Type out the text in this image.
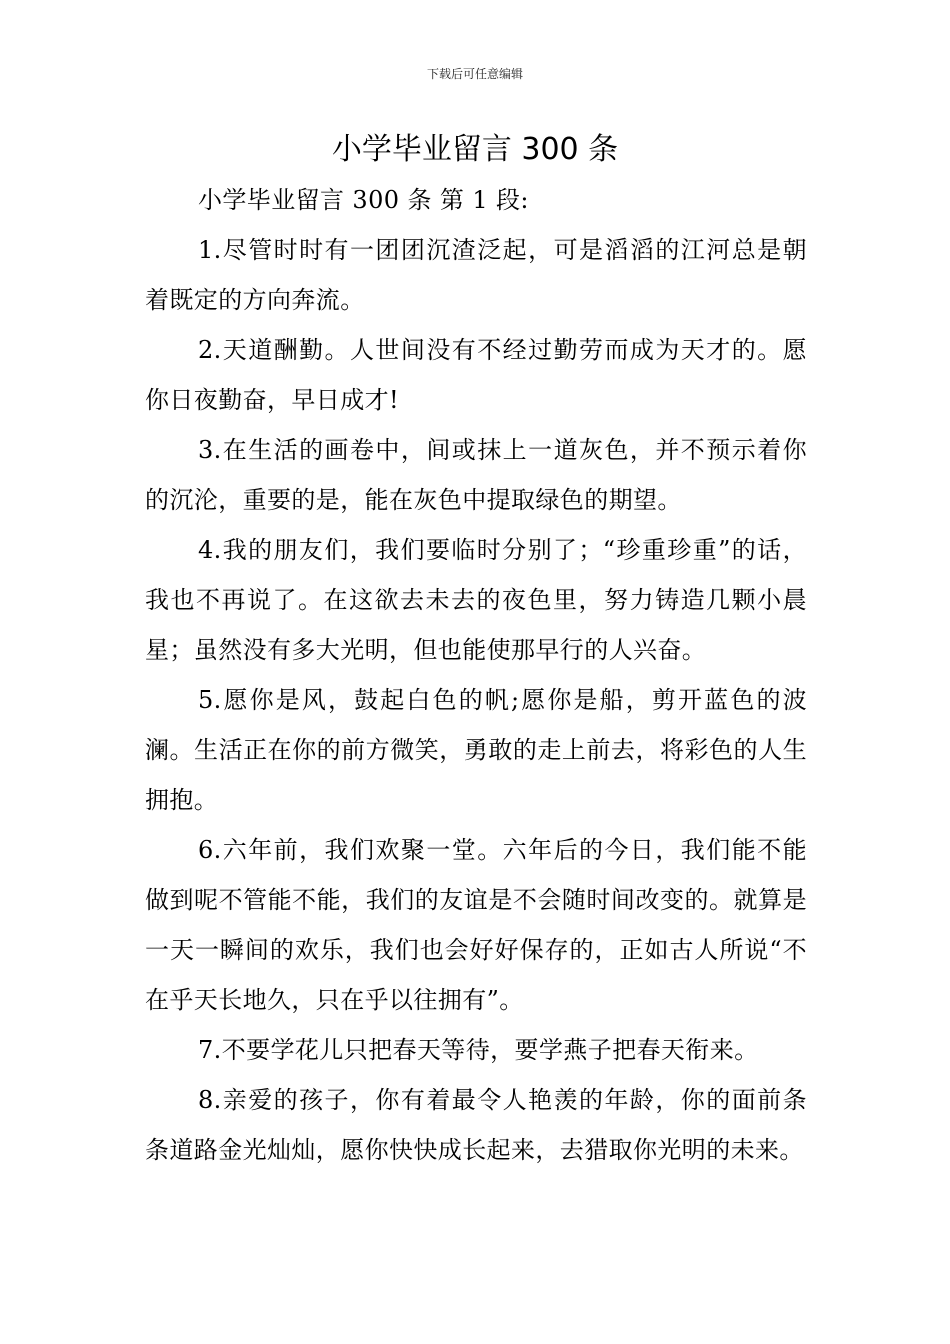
下载后可任意编辑
小学毕业留言 300 条

小学毕业留言 300 条 第 1 段:

1.尽管时时有一团团沉渣泛起，可是滔滔的江河总是朝着既定的方向奔流。

2.天道酬勤。人世间没有不经过勤劳而成为天才的。愿你日夜勤奋，早日成才!

3.在生活的画卷中，间或抹上一道灰色，并不预示着你的沉沦，重要的是，能在灰色中提取绿色的期望。

4.我的朋友们，我们要临时分别了；“珍重珍重”的话，我也不再说了。在这欲去未去的夜色里，努力铸造几颗小晨星；虽然没有多大光明，但也能使那早行的人兴奋。

5.愿你是风，鼓起白色的帆;愿你是船，剪开蓝色的波澜。生活正在你的前方微笑，勇敢的走上前去，将彩色的人生拥抱。

6.六年前，我们欢聚一堂。六年后的今日，我们能不能做到呢不管能不能，我们的友谊是不会随时间改变的。就算是一天一瞬间的欢乐，我们也会好好保存的，正如古人所说“不在乎天长地久，只在乎以往拥有”。

7.不要学花儿只把春天等待，要学燕子把春天衔来。

8.亲爱的孩子，你有着最令人艳羡的年龄，你的面前条条道路金光灿灿，愿你快快成长起来，去猎取你光明的未来。
